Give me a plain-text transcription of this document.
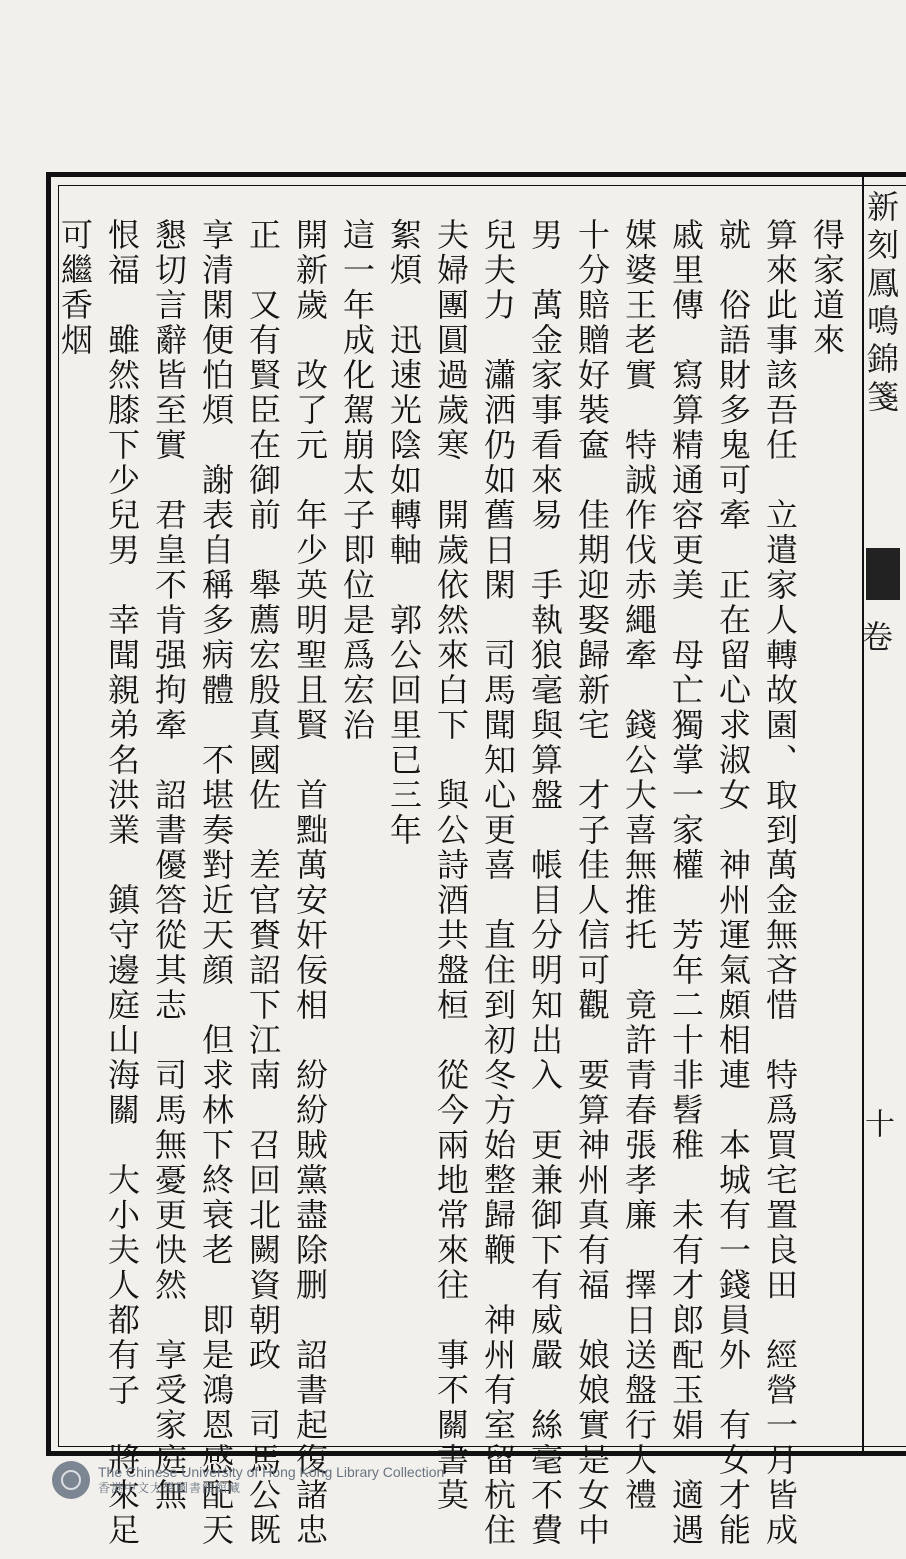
新刻鳳鳴錦箋
卷
十
得家道來
算來此事該吾任　立遣家人轉故園、取到萬金無吝惜　特爲買宅置良田　經營一月皆成
就　俗語財多鬼可牽　正在留心求淑女　神州運氣頗相連　本城有一錢員外　有女才能
戚里傳　寫算精通容更美　母亡獨掌一家權　芳年二十非髫稚　未有才郎配玉娟　適遇
媒婆王老實　特誠作伐赤繩牽　錢公大喜無推托　竟許青春張孝廉　擇日送盤行大禮
十分賠贈好裝奩　佳期迎娶歸新宅　才子佳人信可觀　要算神州真有福　娘娘實是女中
男　萬金家事看來易　手執狼毫與算盤　帳目分明知出入　更兼御下有威嚴　絲毫不費
兒夫力　瀟洒仍如舊日閑　司馬聞知心更喜　直住到初冬方始整歸鞭　神州有室留杭住
夫婦團圓過歲寒　開歲依然來白下　與公詩酒共盤桓　從今兩地常來往　事不關書莫
絮煩　迅速光陰如轉軸　郭公回里已三年
這一年成化駕崩太子即位是爲宏治
開新歲　改了元　年少英明聖且賢　首黜萬安奸佞相　紛紛賊黨盡除删　詔書起復諸忠
正　又有賢臣在御前　舉薦宏殷真國佐　差官賚詔下江南　召回北闕資朝政　司馬公既
享清閑便怕煩　謝表自稱多病體　不堪奏對近天顔　但求林下終衰老　即是鴻恩感配天
懇切言辭皆至實　君皇不肯强拘牽　詔書優答從其志　司馬無憂更快然　享受家庭無
恨福　雖然膝下少兒男　幸聞親弟名洪業　鎮守邊庭山海關　大小夫人都有子　將來足
可繼香烟
The Chinese University of Hong Kong Library Collection
香港中文大學圖書館館藏
